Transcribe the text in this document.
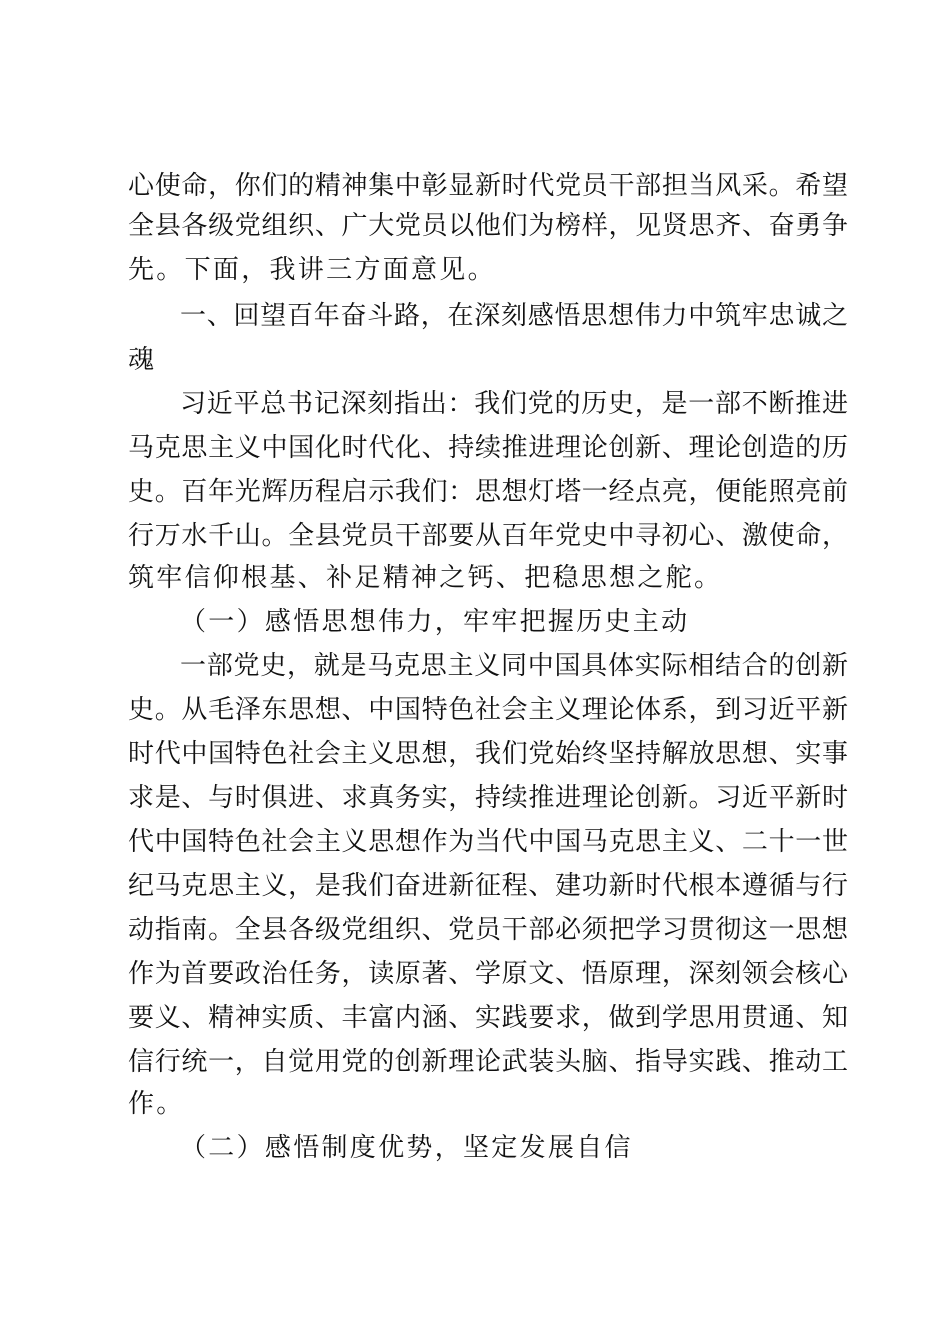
心使命，你们的精神集中彰显新时代党员干部担当风采。希望
全县各级党组织、广大党员以他们为榜样，见贤思齐、奋勇争
先。下面，我讲三方面意见。
一、回望百年奋斗路，在深刻感悟思想伟力中筑牢忠诚之
魂
习近平总书记深刻指出：我们党的历史，是一部不断推进
马克思主义中国化时代化、持续推进理论创新、理论创造的历
史。百年光辉历程启示我们：思想灯塔一经点亮，便能照亮前
行万水千山。全县党员干部要从百年党史中寻初心、激使命，
筑牢信仰根基、补足精神之钙、把稳思想之舵。
（一）感悟思想伟力，牢牢把握历史主动
一部党史，就是马克思主义同中国具体实际相结合的创新
史。从毛泽东思想、中国特色社会主义理论体系，到习近平新
时代中国特色社会主义思想，我们党始终坚持解放思想、实事
求是、与时俱进、求真务实，持续推进理论创新。习近平新时
代中国特色社会主义思想作为当代中国马克思主义、二十一世
纪马克思主义，是我们奋进新征程、建功新时代根本遵循与行
动指南。全县各级党组织、党员干部必须把学习贯彻这一思想
作为首要政治任务，读原著、学原文、悟原理，深刻领会核心
要义、精神实质、丰富内涵、实践要求，做到学思用贯通、知
信行统一，自觉用党的创新理论武装头脑、指导实践、推动工
作。
（二）感悟制度优势，坚定发展自信
